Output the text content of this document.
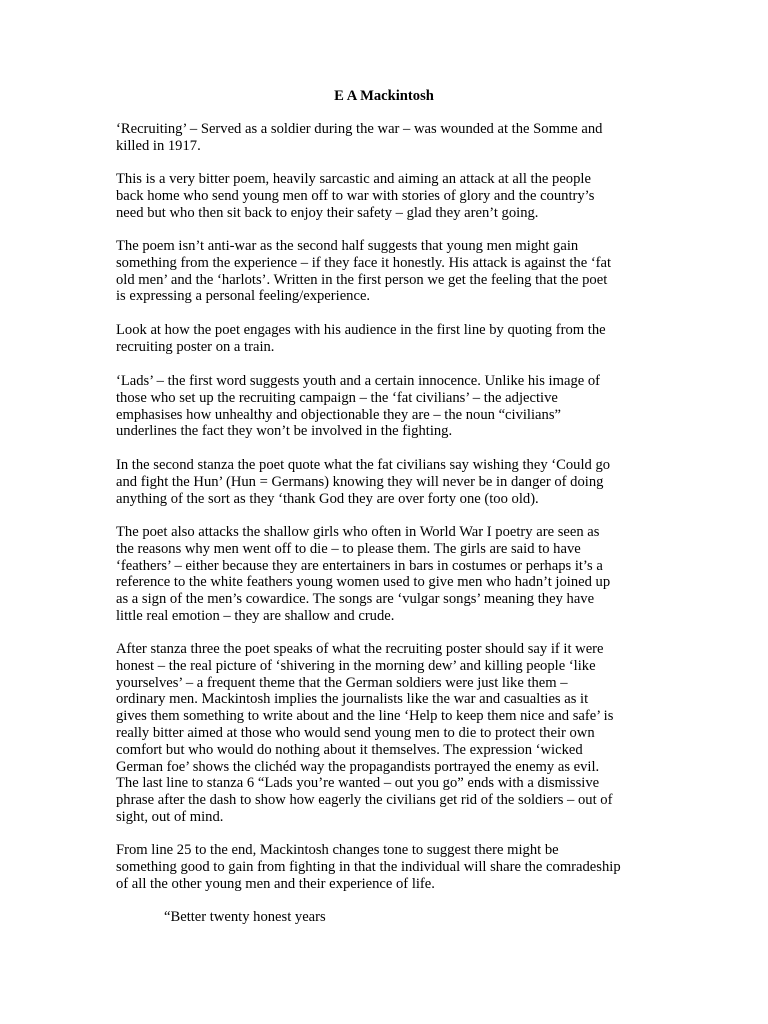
E A Mackintosh
‘Recruiting’ – Served as a soldier during the war – was wounded at the Somme and
killed in 1917.
This is a very bitter poem, heavily sarcastic and aiming an attack at all the people
back home who send young men off to war with stories of glory and the country’s
need but who then sit back to enjoy their safety – glad they aren’t going.
The poem isn’t anti-war as the second half suggests that young men might gain
something from the experience – if they face it honestly. His attack is against the ‘fat
old men’ and the ‘harlots’. Written in the first person we get the feeling that the poet
is expressing a personal feeling/experience.
Look at how the poet engages with his audience in the first line by quoting from the
recruiting poster on a train.
‘Lads’ – the first word suggests youth and a certain innocence. Unlike his image of
those who set up the recruiting campaign – the ‘fat civilians’ – the adjective
emphasises how unhealthy and objectionable they are – the noun “civilians”
underlines the fact they won’t be involved in the fighting.
In the second stanza the poet quote what the fat civilians say wishing they ‘Could go
and fight the Hun’ (Hun = Germans) knowing they will never be in danger of doing
anything of the sort as they ‘thank God they are over forty one (too old).
The poet also attacks the shallow girls who often in World War I poetry are seen as
the reasons why men went off to die – to please them. The girls are said to have
‘feathers’ – either because they are entertainers in bars in costumes or perhaps it’s a
reference to the white feathers young women used to give men who hadn’t joined up
as a sign of the men’s cowardice. The songs are ‘vulgar songs’ meaning they have
little real emotion – they are shallow and crude.
After stanza three the poet speaks of what the recruiting poster should say if it were
honest – the real picture of ‘shivering in the morning dew’ and killing people ‘like
yourselves’ – a frequent theme that the German soldiers were just like them –
ordinary men. Mackintosh implies the journalists like the war and casualties as it
gives them something to write about and the line ‘Help to keep them nice and safe’ is
really bitter aimed at those who would send young men to die to protect their own
comfort but who would do nothing about it themselves. The expression ‘wicked
German foe’ shows the clichéd way the propagandists portrayed the enemy as evil.
The last line to stanza 6 “Lads you’re wanted – out you go” ends with a dismissive
phrase after the dash to show how eagerly the civilians get rid of the soldiers – out of
sight, out of mind.
From line 25 to the end, Mackintosh changes tone to suggest there might be
something good to gain from fighting in that the individual will share the comradeship
of all the other young men and their experience of life.
“Better twenty honest years
